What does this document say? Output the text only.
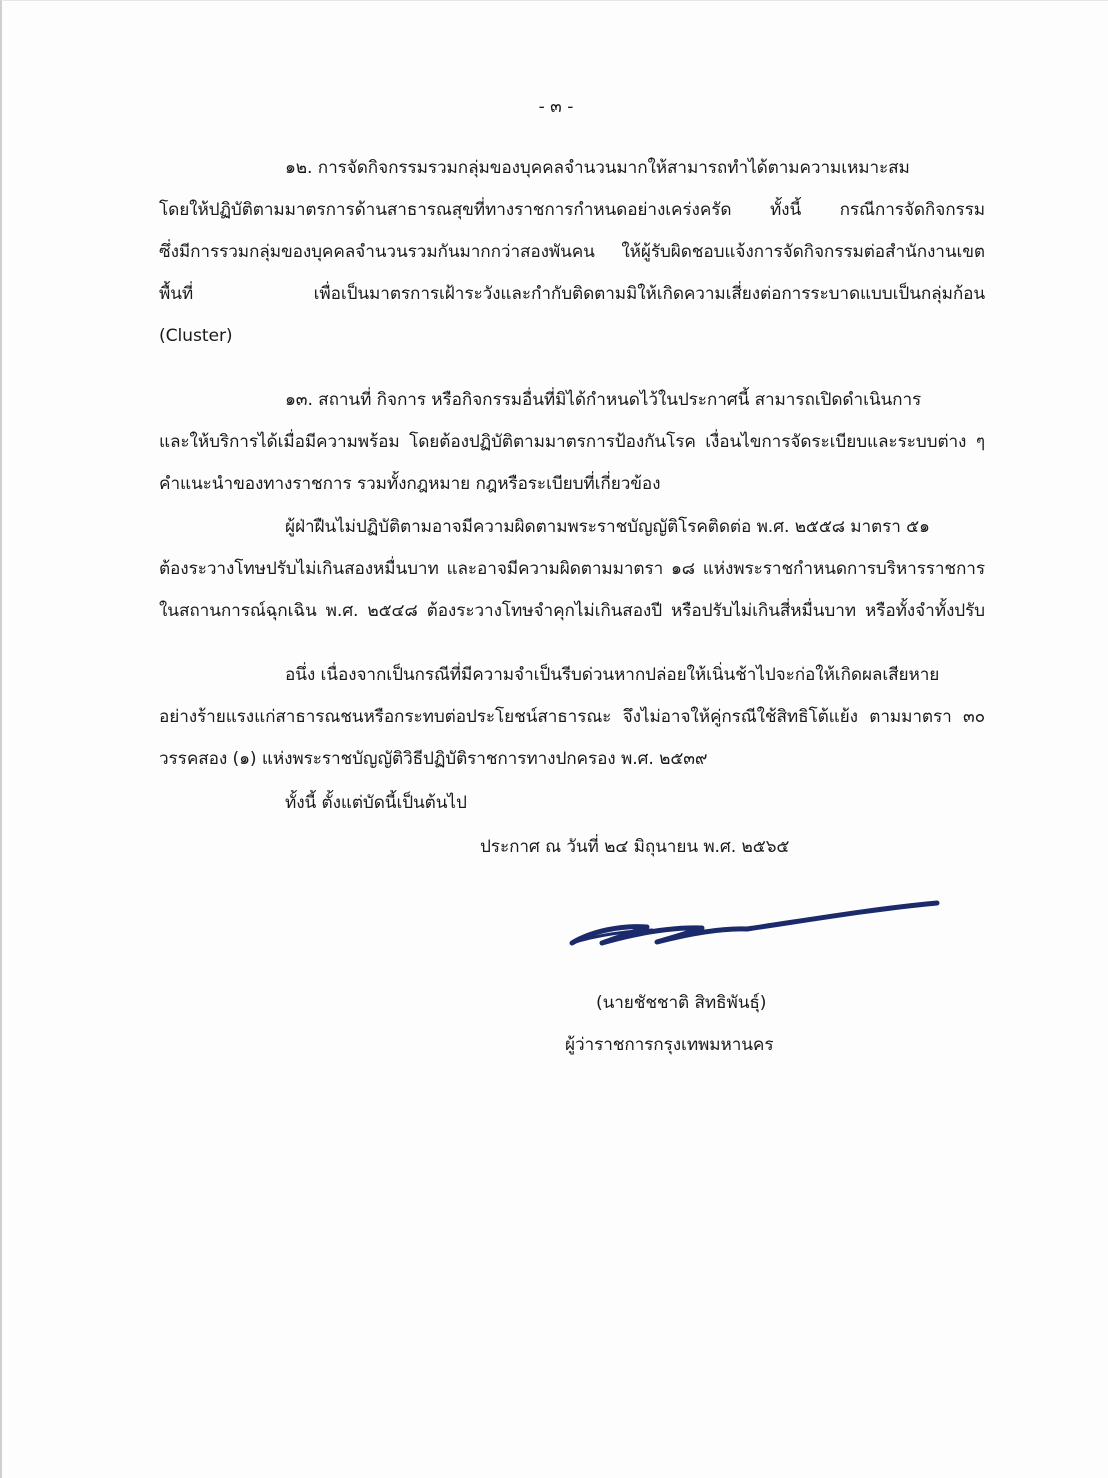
- ๓ -
๑๒. การจัดกิจกรรมรวมกลุ่มของบุคคลจำนวนมากให้สามารถทำได้ตามความเหมาะสม
โดยให้ปฏิบัติตามมาตรการด้านสาธารณสุขที่ทางราชการกำหนดอย่างเคร่งครัด ทั้งนี้ กรณีการจัดกิจกรรม
ซึ่งมีการรวมกลุ่มของบุคคลจำนวนรวมกันมากกว่าสองพันคน ให้ผู้รับผิดชอบแจ้งการจัดกิจกรรมต่อสำนักงานเขต
พื้นที่ เพื่อเป็นมาตรการเฝ้าระวังและกำกับติดตามมิให้เกิดความเสี่ยงต่อการระบาดแบบเป็นกลุ่มก้อน
(Cluster)
๑๓. สถานที่ กิจการ หรือกิจกรรมอื่นที่มิได้กำหนดไว้ในประกาศนี้ สามารถเปิดดำเนินการ
และให้บริการได้เมื่อมีความพร้อม โดยต้องปฏิบัติตามมาตรการป้องกันโรค เงื่อนไขการจัดระเบียบและระบบต่าง ๆ
คำแนะนำของทางราชการ รวมทั้งกฎหมาย กฎหรือระเบียบที่เกี่ยวข้อง
ผู้ฝ่าฝืนไม่ปฏิบัติตามอาจมีความผิดตามพระราชบัญญัติโรคติดต่อ พ.ศ. ๒๕๕๘ มาตรา ๕๑
ต้องระวางโทษปรับไม่เกินสองหมื่นบาท และอาจมีความผิดตามมาตรา ๑๘ แห่งพระราชกำหนดการบริหารราชการ
ในสถานการณ์ฉุกเฉิน พ.ศ. ๒๕๔๘ ต้องระวางโทษจำคุกไม่เกินสองปี หรือปรับไม่เกินสี่หมื่นบาท หรือทั้งจำทั้งปรับ
อนึ่ง เนื่องจากเป็นกรณีที่มีความจำเป็นรีบด่วนหากปล่อยให้เนิ่นช้าไปจะก่อให้เกิดผลเสียหาย
อย่างร้ายแรงแก่สาธารณชนหรือกระทบต่อประโยชน์สาธารณะ จึงไม่อาจให้คู่กรณีใช้สิทธิโต้แย้ง ตามมาตรา ๓๐
วรรคสอง (๑) แห่งพระราชบัญญัติวิธีปฏิบัติราชการทางปกครอง พ.ศ. ๒๕๓๙
ทั้งนี้ ตั้งแต่บัดนี้เป็นต้นไป
ประกาศ ณ วันที่ ๒๔ มิถุนายน พ.ศ. ๒๕๖๕
(นายชัชชาติ สิทธิพันธุ์)
ผู้ว่าราชการกรุงเทพมหานคร
